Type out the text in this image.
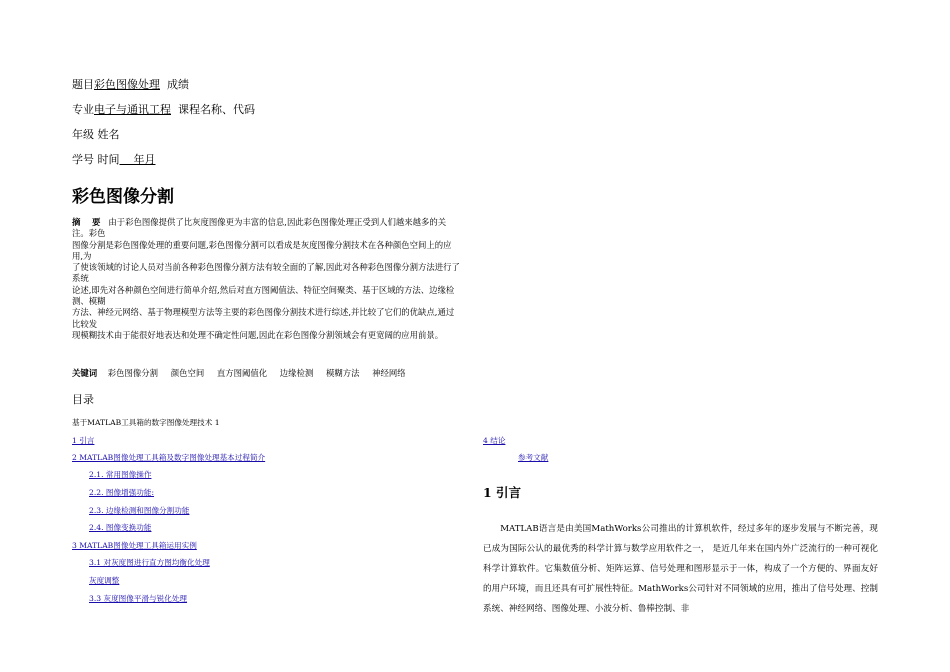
题目彩色图像处理 成绩
专业电子与通讯工程 课程名称、代码
年级 姓名
学号 时间    年月
彩色图像分割

摘    要 由于彩色图像提供了比灰度图像更为丰富的信息,因此彩色图像处理正受到人们越来越多的关注。彩色

图像分割是彩色图像处理的重要问题,彩色图像分割可以看成是灰度图像分割技术在各种颜色空间上的应用,为

了使该领域的讨论人员对当前各种彩色图像分割方法有较全面的了解,因此对各种彩色图像分割方法进行了系统

论述,即先对各种颜色空间进行简单介绍,然后对直方图阈值法、特征空间聚类、基于区域的方法、边缘检测、模糊

方法、神经元网络、基于物理模型方法等主要的彩色图像分割技术进行综述,并比较了它们的优缺点,通过比较发

现模糊技术由于能很好地表达和处理不确定性问题,因此在彩色图像分割领域会有更宽阔的应用前景。

关键词 彩色图像分割 颜色空间 直方图阈值化 边缘检测 模糊方法 神经网络
目录
基于MATLAB工具箱的数字图像处理技术 1
1 引言
2 MATLAB图像处理工具箱及数字图像处理基本过程简介
2.1. 常用图像操作
2.2. 图像增强功能:
2.3. 边缘检测和图像分割功能
2.4. 图像变换功能
3 MATLAB图像处理工具箱运用实例
3.1 对灰度图进行直方图均衡化处理
灰度调整
3.3 灰度图像平滑与锐化处理
4 结论
参考文献
1 引言

MATLAB语言是由美国MathWorks公司推出的计算机软件，经过多年的逐步发展与不断完善，现已成为国际公认的最优秀的科学计算与数学应用软件之一， 是近几年来在国内外广泛流行的一种可视化科学计算软件。它集数值分析、矩阵运算、信号处理和图形显示于一体，构成了一个方便的、界面友好的用户环境，而且还具有可扩展性特征。MathWorks公司针对不同领域的应用，推出了信号处理、控制系统、神经网络、图像处理、小波分析、鲁棒控制、非
